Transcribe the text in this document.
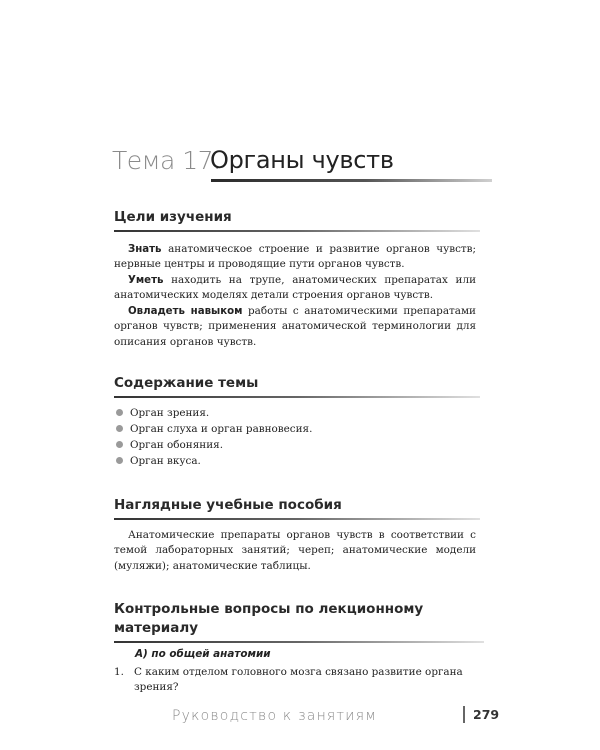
Тема 17.
Органы чувств
Цели изучения
Знать анатомическое строение и развитие органов чувств; нервные центры и проводящие пути органов чувств.
Уметь находить на трупе, анатомических препаратах или анатомических моделях детали строения органов чувств.
Овладеть навыком работы с анатомическими препаратами органов чувств; применения анатомической терминологии для описания органов чувств.
Содержание темы
Орган зрения.
Орган слуха и орган равновесия.
Орган обоняния.
Орган вкуса.
Наглядные учебные пособия
Анатомические препараты органов чувств в соответствии с темой лабораторных занятий; череп; анатомические модели (муляжи); анатомические таблицы.
Контрольные вопросы по лекционному материалу
А) по общей анатомии
1. С каким отделом головного мозга связано развитие органа зрения?
Руководство к занятиям	279
